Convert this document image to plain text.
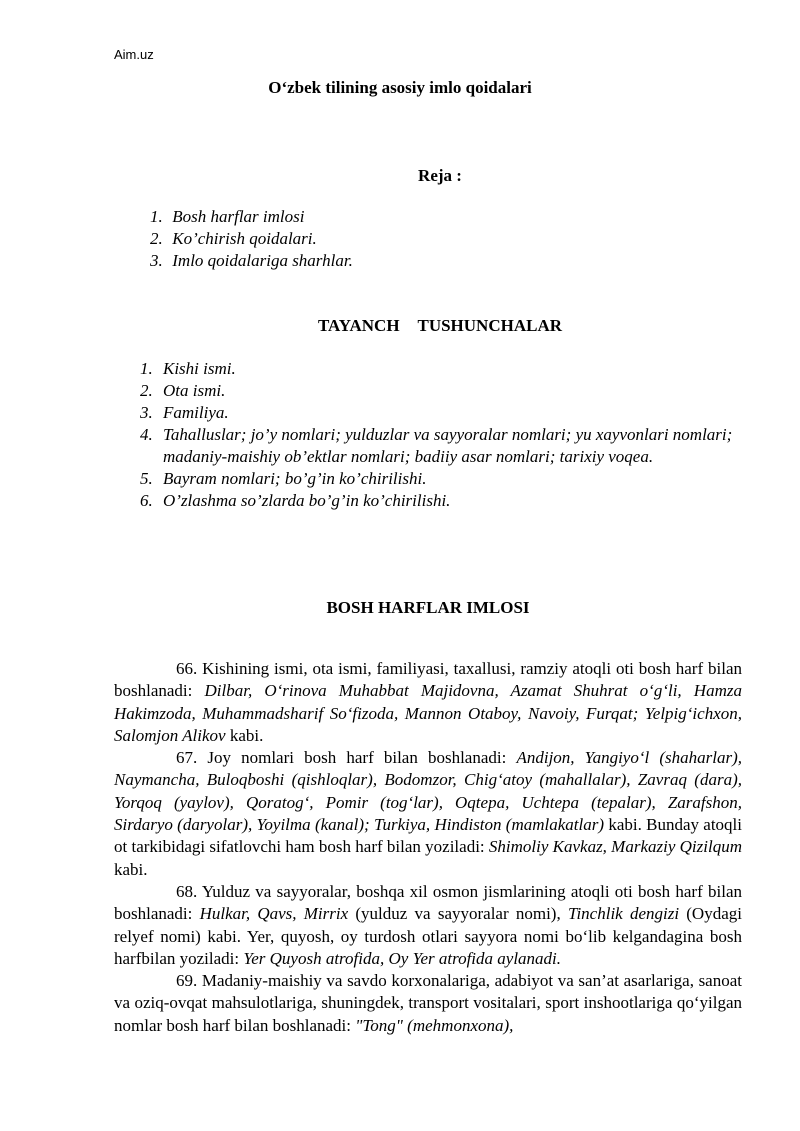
Aim.uz
O‘zbek tilining asosiy imlo qoidalari
Reja :
1. Bosh harflar imlosi
2. Ko’chirish qoidalari.
3. Imlo qoidalariga sharhlar.
TAYANCH TUSHUNCHALAR
1. Kishi ismi.
2. Ota ismi.
3. Familiya.
4. Tahalluslar; jo’y nomlari; yulduzlar va sayyoralar nomlari; yu xayvonlari nomlari; madaniy-maishiy ob’ektlar nomlari; badiiy asar nomlari; tarixiy voqea.
5. Bayram nomlari; bo’g’in ko’chirilishi.
6. O’zlashma so’zlarda bo’g’in ko’chirilishi.
BOSH HARFLAR IMLOSI

66. Kishining ismi, ota ismi, familiyasi, taxallusi, ramziy atoqli oti bosh harf bilan boshlanadi: Dilbar, O‘rinova Muhabbat Majidovna, Azamat Shuhrat o‘g‘li, Hamza Hakimzoda, Muhammadsharif So‘fizoda, Mannon Otaboy, Navoiy, Furqat; Yelpig‘ichxon, Salomjon Alikov kabi.

67. Joy nomlari bosh harf bilan boshlanadi: Andijon, Yangiyo‘l (shaharlar), Naymancha, Buloqboshi (qishloqlar), Bodomzor, Chig‘atoy (mahallalar), Zavraq (dara), Yorqoq (yaylov), Qoratog‘, Pomir (tog‘lar), Oqtepa, Uchtepa (tepalar), Zarafshon, Sirdaryo (daryolar), Yoyilma (kanal); Turkiya, Hindiston (mamlakatlar) kabi. Bunday atoqli ot tarkibidagi sifatlovchi ham bosh harf bilan yoziladi: Shimoliy Kavkaz, Markaziy Qizilqum kabi.

68. Yulduz va sayyoralar, boshqa xil osmon jismlarining atoqli oti bosh harf bilan boshlanadi: Hulkar, Qavs, Mirrix (yulduz va sayyoralar nomi), Tinchlik dengizi (Oydagi relyef nomi) kabi. Yer, quyosh, oy turdosh otlari sayyora nomi bo‘lib kelgandagina bosh harfbilan yoziladi: Yer Quyosh atrofida, Oy Yer atrofida aylanadi.

69. Madaniy-maishiy va savdo korxonalariga, adabiyot va san’at asarlariga, sanoat va oziq-ovqat mahsulotlariga, shuningdek, transport vositalari, sport inshootlariga qo‘yilgan nomlar bosh harf bilan boshlanadi: "Tong" (mehmonxona),
